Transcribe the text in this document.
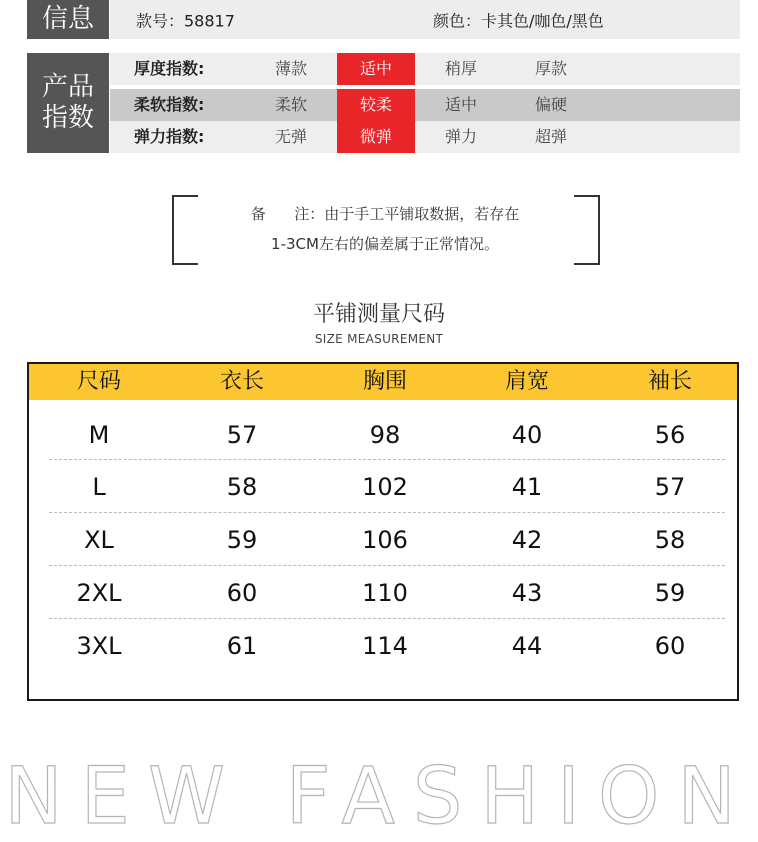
信息	款号：58817	颜色：卡其色/咖色/黑色
产品
指数
厚度指数:	薄款	适中	稍厚	厚款
柔软指数:	柔软	较柔	适中	偏硬
弹力指数:	无弹	微弹	弹力	超弹
备      注：由于手工平铺取数据，若存在
1-3CM左右的偏差属于正常情况。
平铺测量尺码
SIZE MEASUREMENT
尺码	衣长	胸围	肩宽	袖长
M	57	98	40	56
L	58	102	41	57
XL	59	106	42	58
2XL	60	110	43	59
3XL	61	114	44	60
NEW FASHION
